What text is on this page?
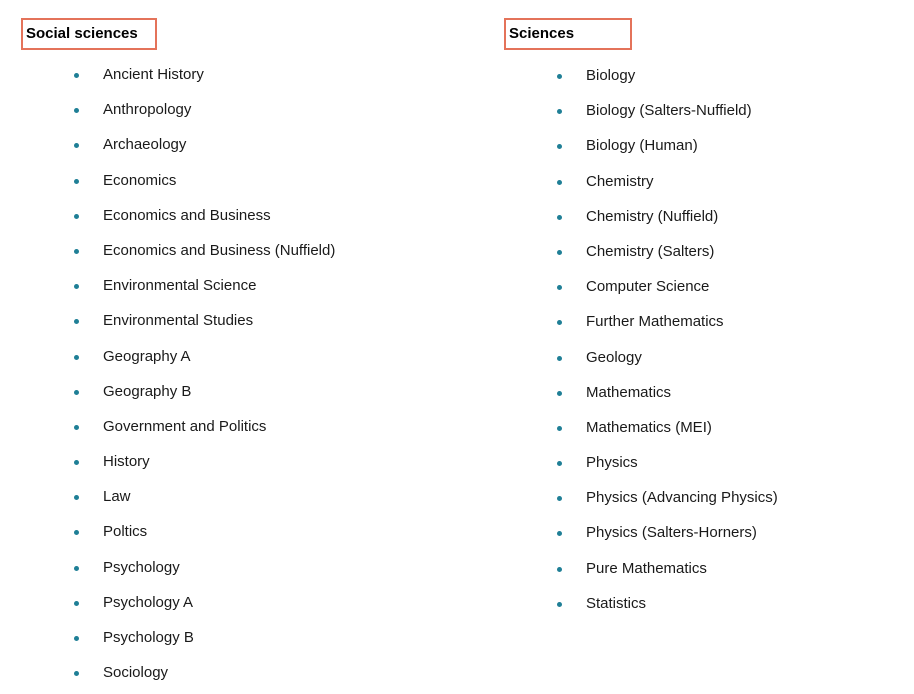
Social sciences
Ancient History
Anthropology
Archaeology
Economics
Economics and Business
Economics and Business (Nuffield)
Environmental Science
Environmental Studies
Geography A
Geography B
Government and Politics
History
Law
Poltics
Psychology
Psychology A
Psychology B
Sociology
Sciences
Biology
Biology (Salters-Nuffield)
Biology (Human)
Chemistry
Chemistry (Nuffield)
Chemistry (Salters)
Computer Science
Further Mathematics
Geology
Mathematics
Mathematics (MEI)
Physics
Physics (Advancing Physics)
Physics (Salters-Horners)
Pure Mathematics
Statistics
